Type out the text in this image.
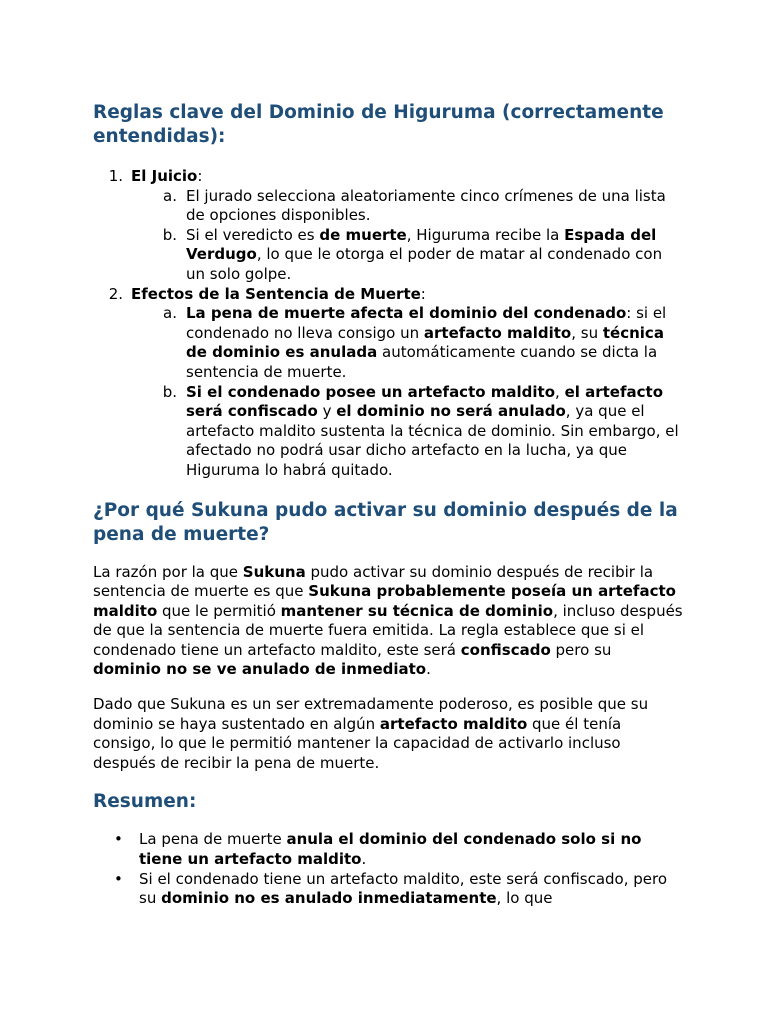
Reglas clave del Dominio de Higuruma (correctamente entendidas):
1. El Juicio:
a. El jurado selecciona aleatoriamente cinco crímenes de una lista de opciones disponibles.
b. Si el veredicto es de muerte, Higuruma recibe la Espada del Verdugo, lo que le otorga el poder de matar al condenado con un solo golpe.
2. Efectos de la Sentencia de Muerte:
a. La pena de muerte afecta el dominio del condenado: si el condenado no lleva consigo un artefacto maldito, su técnica de dominio es anulada automáticamente cuando se dicta la sentencia de muerte.
b. Si el condenado posee un artefacto maldito, el artefacto será confiscado y el dominio no será anulado, ya que el artefacto maldito sustenta la técnica de dominio. Sin embargo, el afectado no podrá usar dicho artefacto en la lucha, ya que Higuruma lo habrá quitado.
¿Por qué Sukuna pudo activar su dominio después de la pena de muerte?

La razón por la que Sukuna pudo activar su dominio después de recibir la sentencia de muerte es que Sukuna probablemente poseía un artefacto maldito que le permitió mantener su técnica de dominio, incluso después de que la sentencia de muerte fuera emitida. La regla establece que si el condenado tiene un artefacto maldito, este será confiscado pero su dominio no se ve anulado de inmediato.

Dado que Sukuna es un ser extremadamente poderoso, es posible que su dominio se haya sustentado en algún artefacto maldito que él tenía consigo, lo que le permitió mantener la capacidad de activarlo incluso después de recibir la pena de muerte.

Resumen:
•	La pena de muerte anula el dominio del condenado solo si no tiene un artefacto maldito.
•	Si el condenado tiene un artefacto maldito, este será confiscado, pero su dominio no es anulado inmediatamente, lo que
